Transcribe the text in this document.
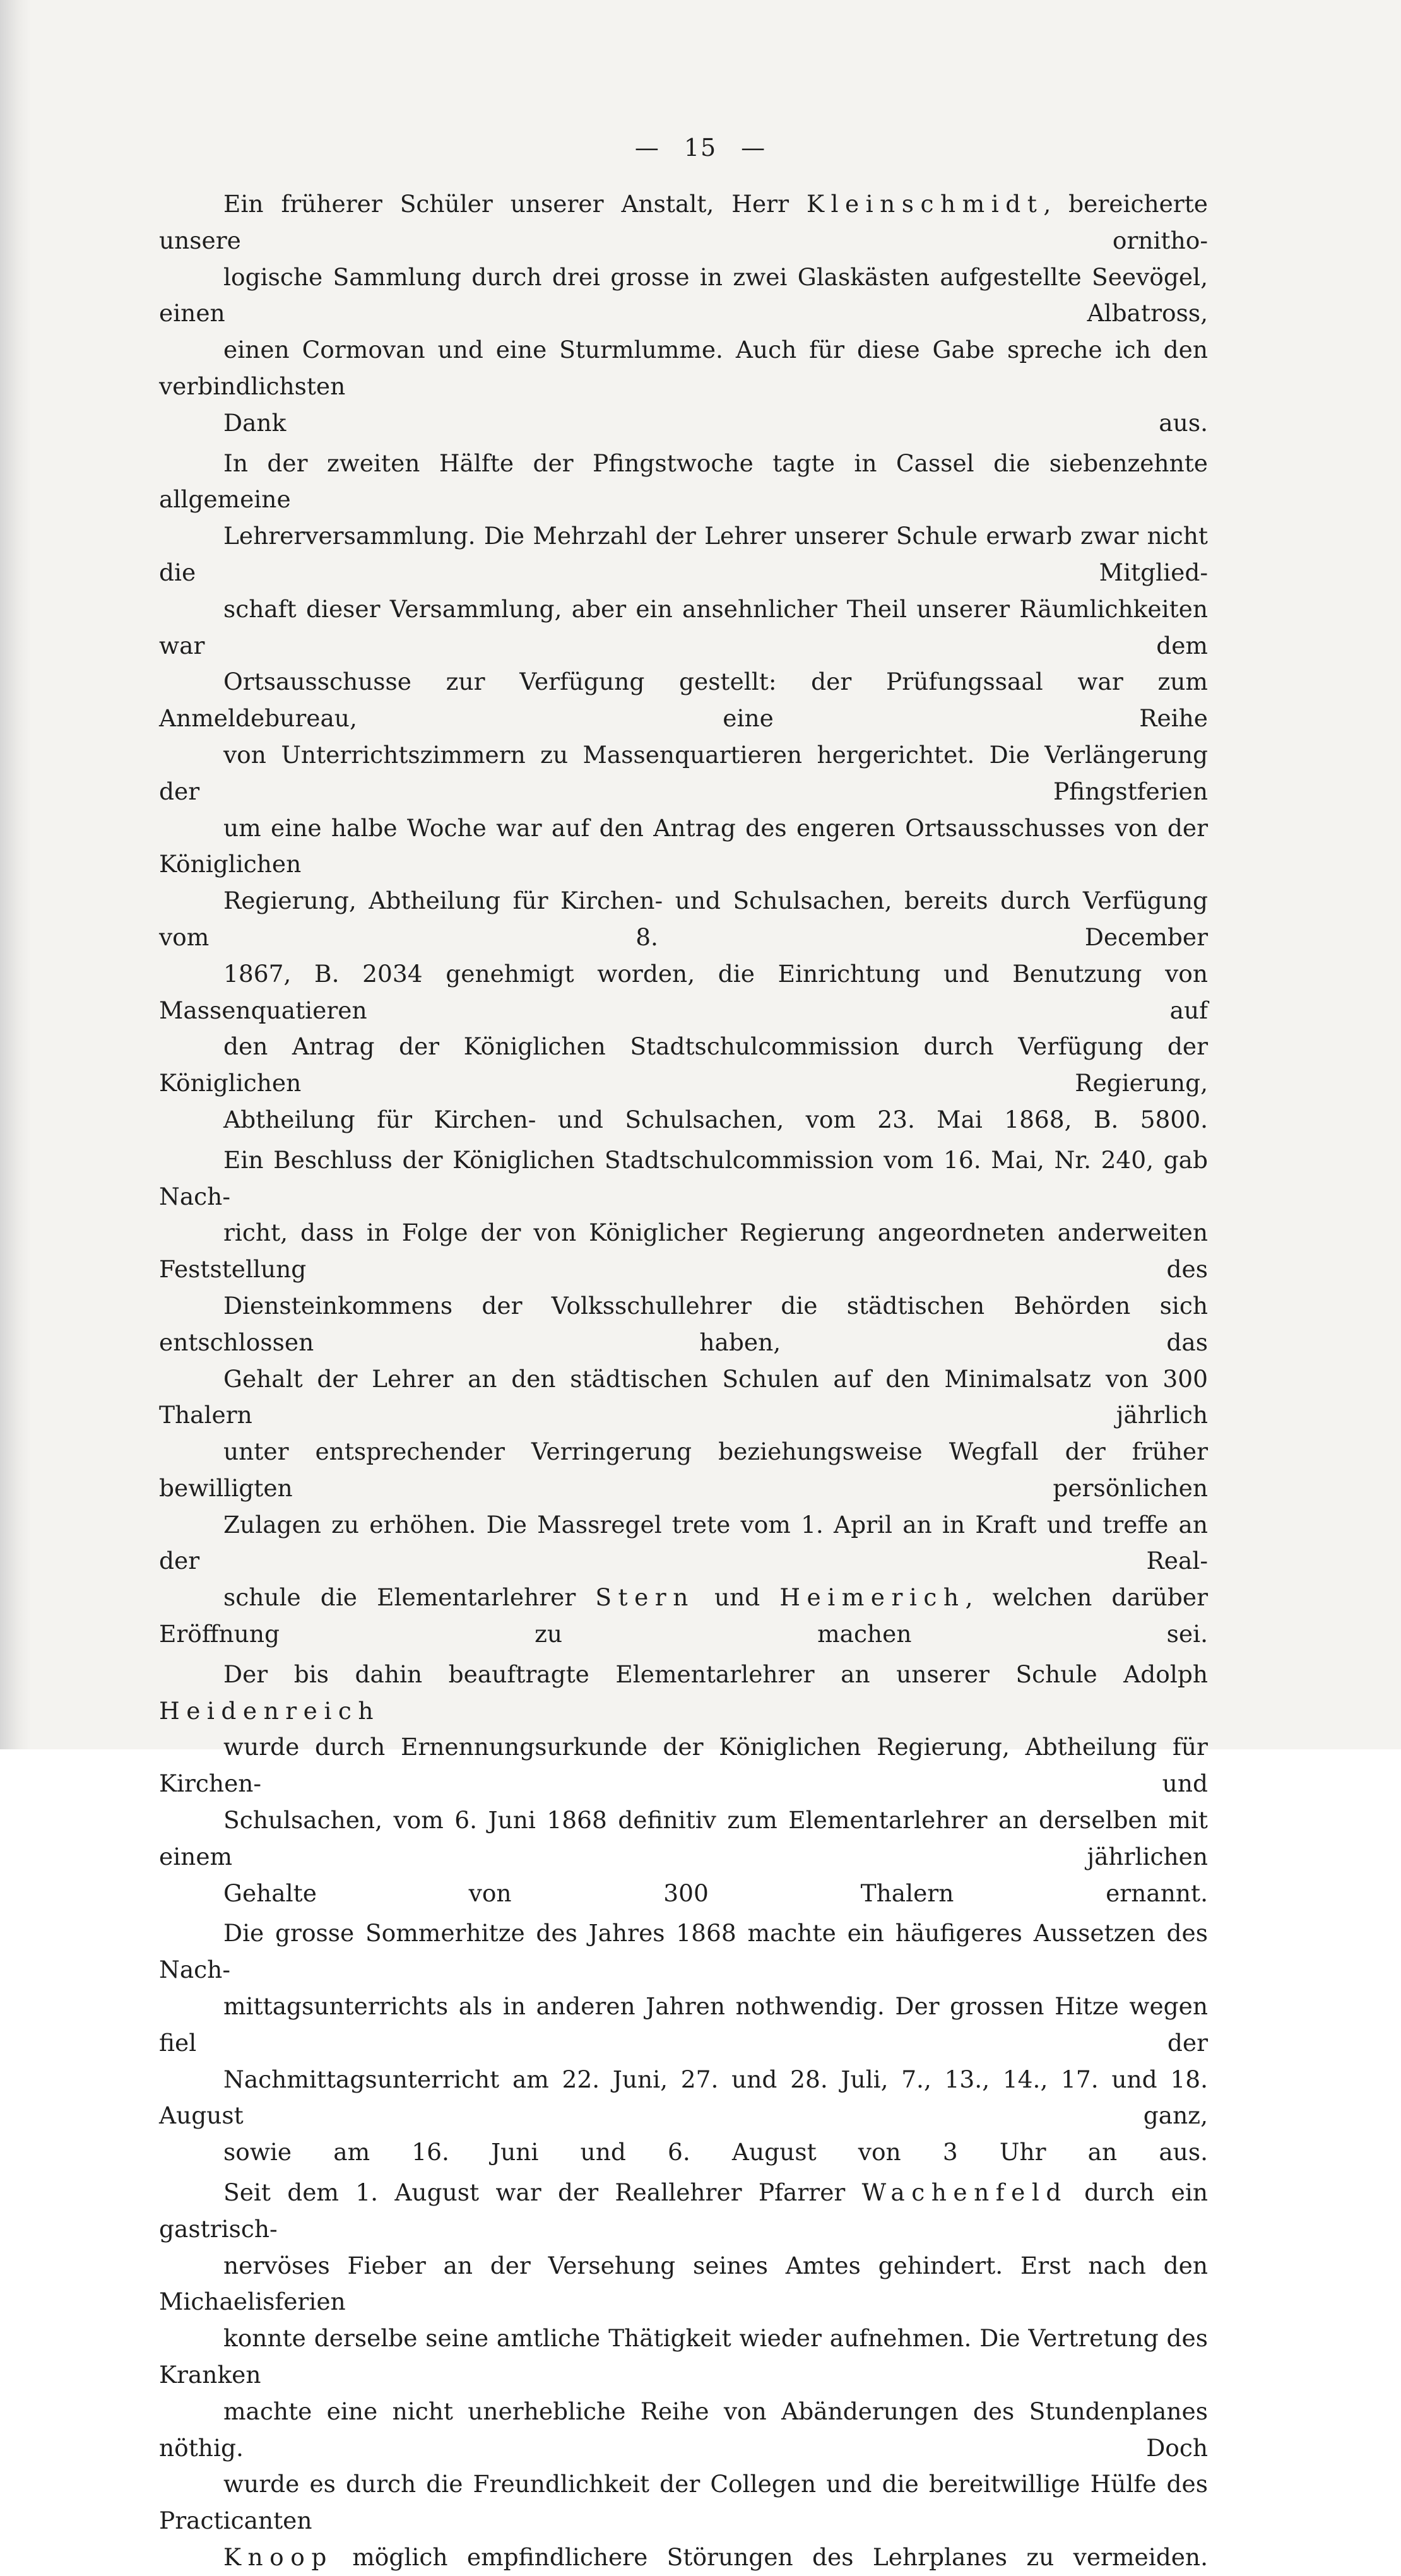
— 15 —

Ein früherer Schüler unserer Anstalt, Herr Kleinschmidt, bereicherte unsere ornitho-
logische Sammlung durch drei grosse in zwei Glaskästen aufgestellte Seevögel, einen Albatross,
einen Cormovan und eine Sturmlumme. Auch für diese Gabe spreche ich den verbindlichsten
Dank aus.

In der zweiten Hälfte der Pfingstwoche tagte in Cassel die siebenzehnte allgemeine
Lehrerversammlung. Die Mehrzahl der Lehrer unserer Schule erwarb zwar nicht die Mitglied-
schaft dieser Versammlung, aber ein ansehnlicher Theil unserer Räumlichkeiten war dem
Ortsausschusse zur Verfügung gestellt: der Prüfungssaal war zum Anmeldebureau, eine Reihe
von Unterrichtszimmern zu Massenquartieren hergerichtet. Die Verlängerung der Pfingstferien
um eine halbe Woche war auf den Antrag des engeren Ortsausschusses von der Königlichen
Regierung, Abtheilung für Kirchen- und Schulsachen, bereits durch Verfügung vom 8. December
1867, B. 2034 genehmigt worden, die Einrichtung und Benutzung von Massenquatieren auf
den Antrag der Königlichen Stadtschulcommission durch Verfügung der Königlichen Regierung,
Abtheilung für Kirchen- und Schulsachen, vom 23. Mai 1868, B. 5800.

Ein Beschluss der Königlichen Stadtschulcommission vom 16. Mai, Nr. 240, gab Nach-
richt, dass in Folge der von Königlicher Regierung angeordneten anderweiten Feststellung des
Diensteinkommens der Volksschullehrer die städtischen Behörden sich entschlossen haben, das
Gehalt der Lehrer an den städtischen Schulen auf den Minimalsatz von 300 Thalern jährlich
unter entsprechender Verringerung beziehungsweise Wegfall der früher bewilligten persönlichen
Zulagen zu erhöhen. Die Massregel trete vom 1. April an in Kraft und treffe an der Real-
schule die Elementarlehrer Stern und Heimerich, welchen darüber Eröffnung zu machen sei.

Der bis dahin beauftragte Elementarlehrer an unserer Schule Adolph Heidenreich
wurde durch Ernennungsurkunde der Königlichen Regierung, Abtheilung für Kirchen- und
Schulsachen, vom 6. Juni 1868 definitiv zum Elementarlehrer an derselben mit einem jährlichen
Gehalte von 300 Thalern ernannt.

Die grosse Sommerhitze des Jahres 1868 machte ein häufigeres Aussetzen des Nach-
mittagsunterrichts als in anderen Jahren nothwendig. Der grossen Hitze wegen fiel der
Nachmittagsunterricht am 22. Juni, 27. und 28. Juli, 7., 13., 14., 17. und 18. August ganz,
sowie am 16. Juni und 6. August von 3 Uhr an aus.

Seit dem 1. August war der Reallehrer Pfarrer Wachenfeld durch ein gastrisch-
nervöses Fieber an der Versehung seines Amtes gehindert. Erst nach den Michaelisferien
konnte derselbe seine amtliche Thätigkeit wieder aufnehmen. Die Vertretung des Kranken
machte eine nicht unerhebliche Reihe von Abänderungen des Stundenplanes nöthig. Doch
wurde es durch die Freundlichkeit der Collegen und die bereitwillige Hülfe des Practicanten
Knoop möglich empfindlichere Störungen des Lehrplanes zu vermeiden.
